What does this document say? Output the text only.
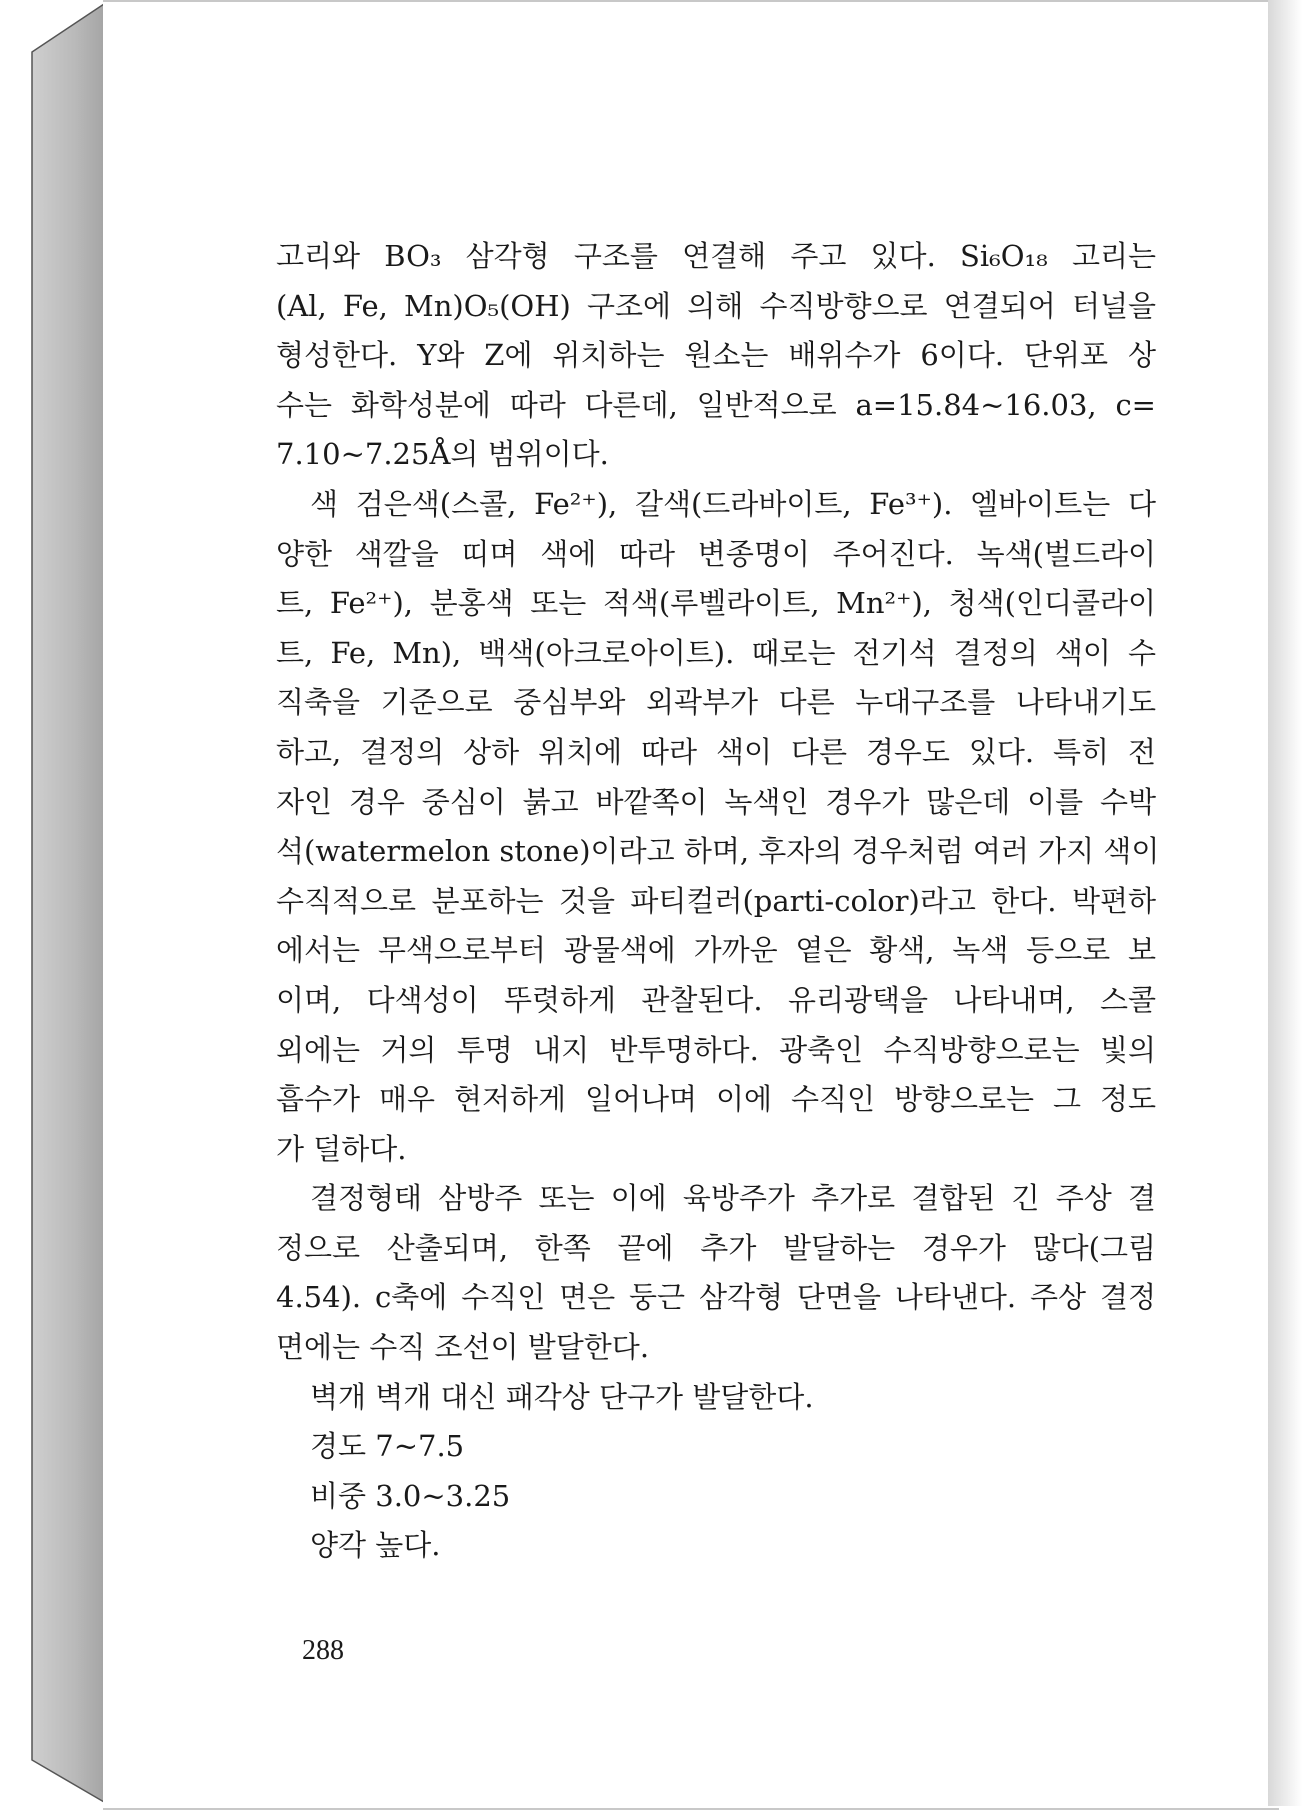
고리와 BO₃ 삼각형 구조를 연결해 주고 있다. Si₆O₁₈ 고리는
(Al, Fe, Mn)O₅(OH) 구조에 의해 수직방향으로 연결되어 터널을
형성한다. Y와 Z에 위치하는 원소는 배위수가 6이다. 단위포 상
수는 화학성분에 따라 다른데, 일반적으로 a=15.84~16.03, c=
7.10~7.25Å의 범위이다.
색 검은색(스콜, Fe²⁺), 갈색(드라바이트, Fe³⁺). 엘바이트는 다
양한 색깔을 띠며 색에 따라 변종명이 주어진다. 녹색(벌드라이
트, Fe²⁺), 분홍색 또는 적색(루벨라이트, Mn²⁺), 청색(인디콜라이
트, Fe, Mn), 백색(아크로아이트). 때로는 전기석 결정의 색이 수
직축을 기준으로 중심부와 외곽부가 다른 누대구조를 나타내기도
하고, 결정의 상하 위치에 따라 색이 다른 경우도 있다. 특히 전
자인 경우 중심이 붉고 바깥쪽이 녹색인 경우가 많은데 이를 수박
석(watermelon stone)이라고 하며, 후자의 경우처럼 여러 가지 색이
수직적으로 분포하는 것을 파티컬러(parti-color)라고 한다. 박편하
에서는 무색으로부터 광물색에 가까운 옅은 황색, 녹색 등으로 보
이며, 다색성이 뚜렷하게 관찰된다. 유리광택을 나타내며, 스콜
외에는 거의 투명 내지 반투명하다. 광축인 수직방향으로는 빛의
흡수가 매우 현저하게 일어나며 이에 수직인 방향으로는 그 정도
가 덜하다.
결정형태 삼방주 또는 이에 육방주가 추가로 결합된 긴 주상 결
정으로 산출되며, 한쪽 끝에 추가 발달하는 경우가 많다(그림
4.54). c축에 수직인 면은 둥근 삼각형 단면을 나타낸다. 주상 결정
면에는 수직 조선이 발달한다.
벽개 벽개 대신 패각상 단구가 발달한다.
경도 7~7.5
비중 3.0~3.25
양각 높다.
288
